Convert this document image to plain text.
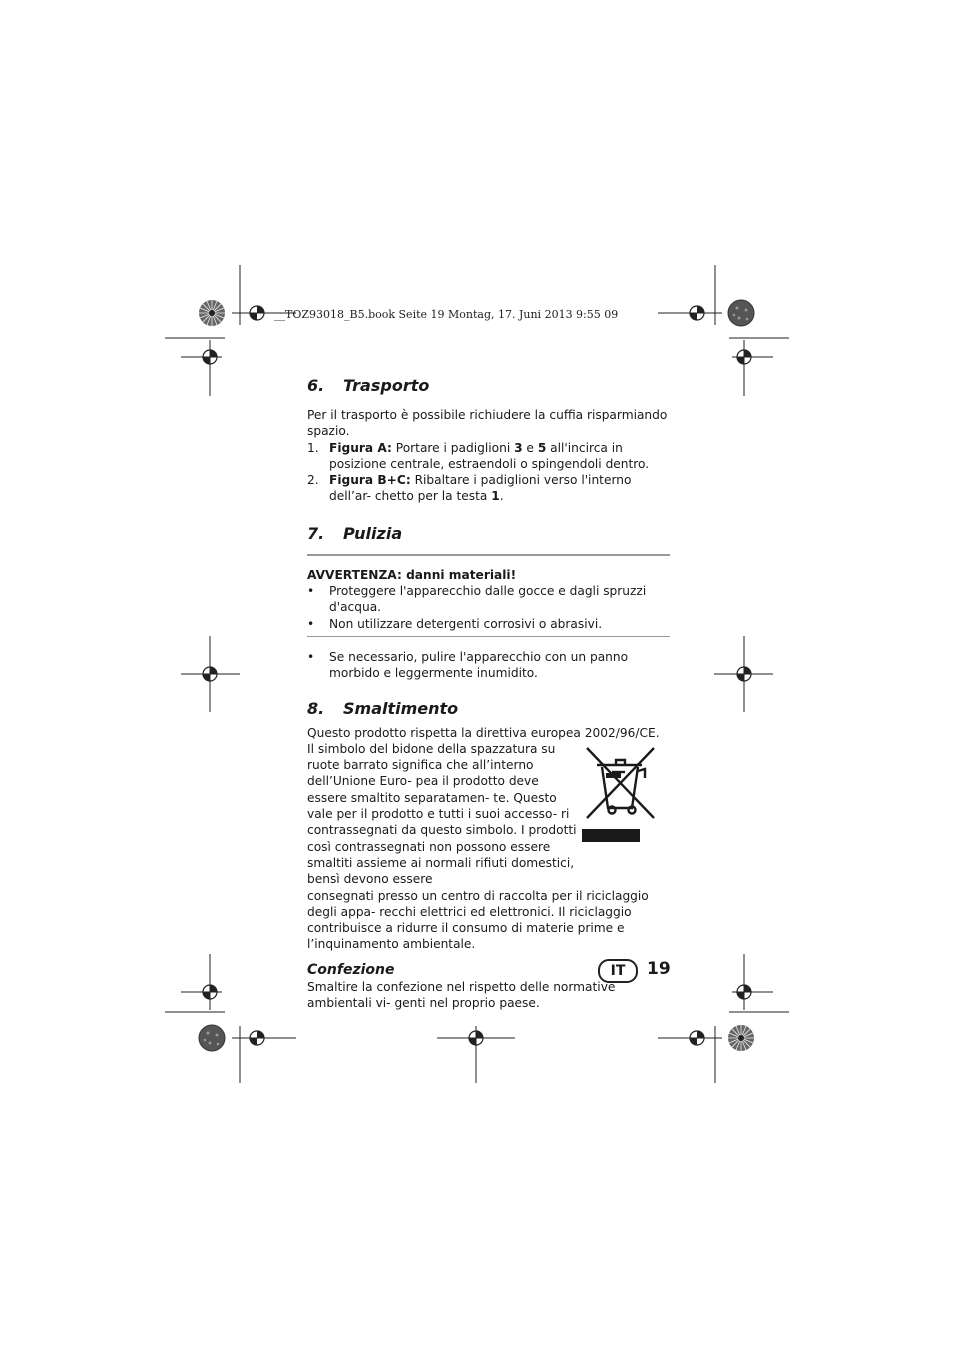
__TOZ93018_B5.book Seite 19 Montag, 17. Juni 2013 9:55 09
6. Trasporto

Per il trasporto è possibile richiudere la cuffia risparmiando spazio.

1. Figura A: Portare i padiglioni 3 e 5 all'incirca in posizione centrale, estraendoli o spingendoli dentro.
2. Figura B+C: Ribaltare i padiglioni verso l'interno dell’ar- chetto per la testa 1.
7. Pulizia

AVVERTENZA: danni materiali!

• Proteggere l'apparecchio dalle gocce e dagli spruzzi d'acqua.
• Non utilizzare detergenti corrosivi o abrasivi.
• Se necessario, pulire l'apparecchio con un panno morbido e leggermente inumidito.
8. Smaltimento

Questo prodotto rispetta la direttiva europea 2002/96/CE.

Il simbolo del bidone della spazzatura su ruote barrato significa che all’interno dell’Unione Euro- pea il prodotto deve essere smaltito separatamen- te. Questo vale per il prodotto e tutti i suoi accesso- ri contrassegnati da questo simbolo. I prodotti così contrassegnati non possono essere smaltiti assieme ai normali rifiuti domestici, bensì devono essere

consegnati presso un centro di raccolta per il riciclaggio degli appa- recchi elettrici ed elettronici. Il riciclaggio contribuisce a ridurre il consumo di materie prime e l’inquinamento ambientale.

Confezione

Smaltire la confezione nel rispetto delle normative ambientali vi- genti nel proprio paese.

IT	19
